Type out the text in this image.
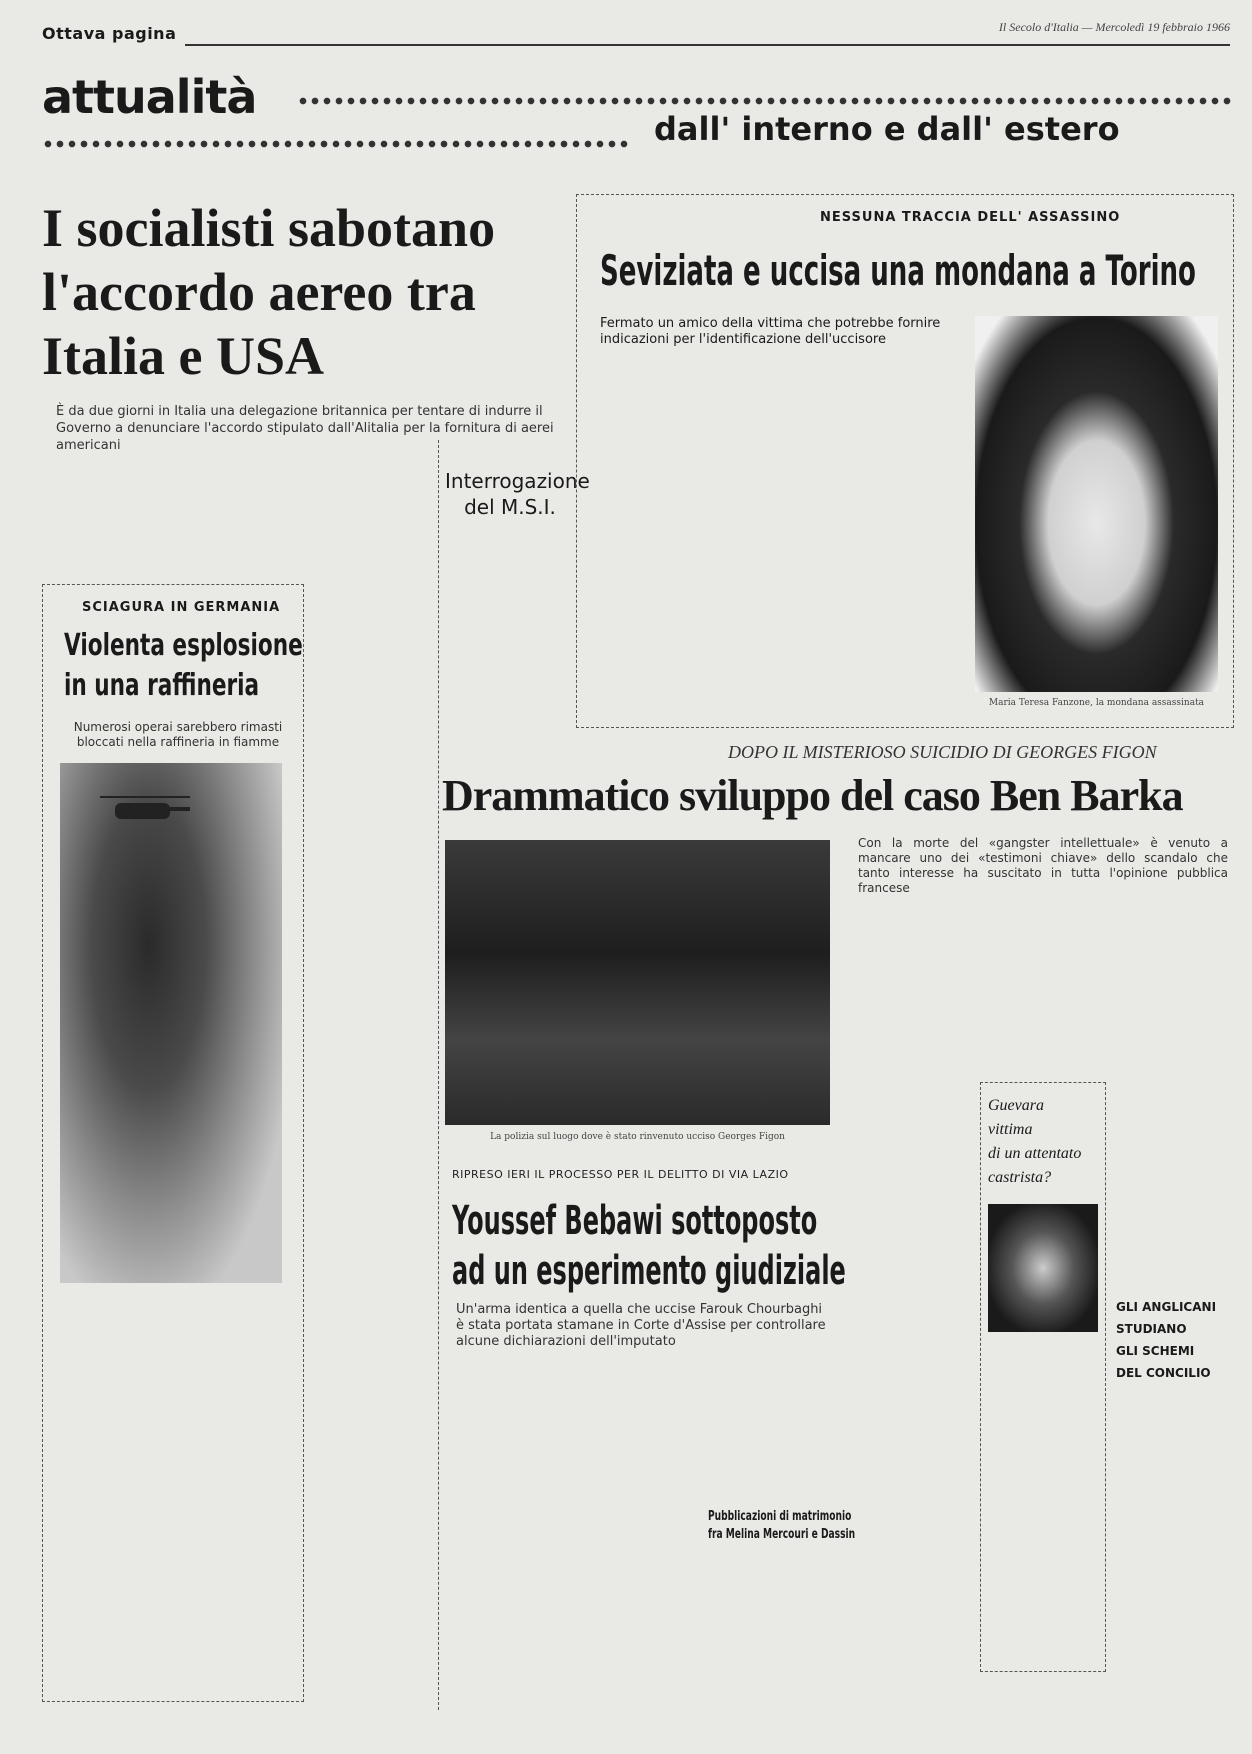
Ottava pagina	Il Secolo d'Italia — Mercoledì 19 febbraio 1966
attualità
dall' interno e dall' estero
I socialisti sabotano l'accordo aereo tra Italia e USA
È da due giorni in Italia una delegazione britannica per tentare di indurre il Governo a denunciare l'accordo stipulato dall'Alitalia per la fornitura di aerei americani
SCIAGURA IN GERMANIA
Violenta esplosione
in una raffineria
Numerosi operai sarebbero rimasti bloccati nella raffineria in fiamme
Interrogazione
del M.S.I.
NESSUNA TRACCIA DELL' ASSASSINO
Seviziata e uccisa una mondana a Torino
Fermato un amico della vittima che potrebbe fornire indicazioni per l'identificazione dell'uccisore
Maria Teresa Fanzone, la mondana assassinata
DOPO IL MISTERIOSO SUICIDIO DI GEORGES FIGON
Drammatico sviluppo del caso Ben Barka
La polizia sul luogo dove è stato rinvenuto ucciso Georges Figon
Con la morte del «gangster intellettuale» è venuto a mancare uno dei «testimoni chiave» dello scandalo che tanto interesse ha suscitato in tutta l'opinione pubblica francese
Guevara
vittima
di un attentato
castrista?
GLI ANGLICANI
STUDIANO
GLI SCHEMI
DEL CONCILIO
RIPRESO IERI IL PROCESSO PER IL DELITTO DI VIA LAZIO
Youssef Bebawi sottoposto
ad un esperimento giudiziale
Un'arma identica a quella che uccise Farouk Chourbaghi è stata portata stamane in Corte d'Assise per controllare alcune dichiarazioni dell'imputato
Pubblicazioni di matrimonio
fra Melina Mercouri e Dassin
